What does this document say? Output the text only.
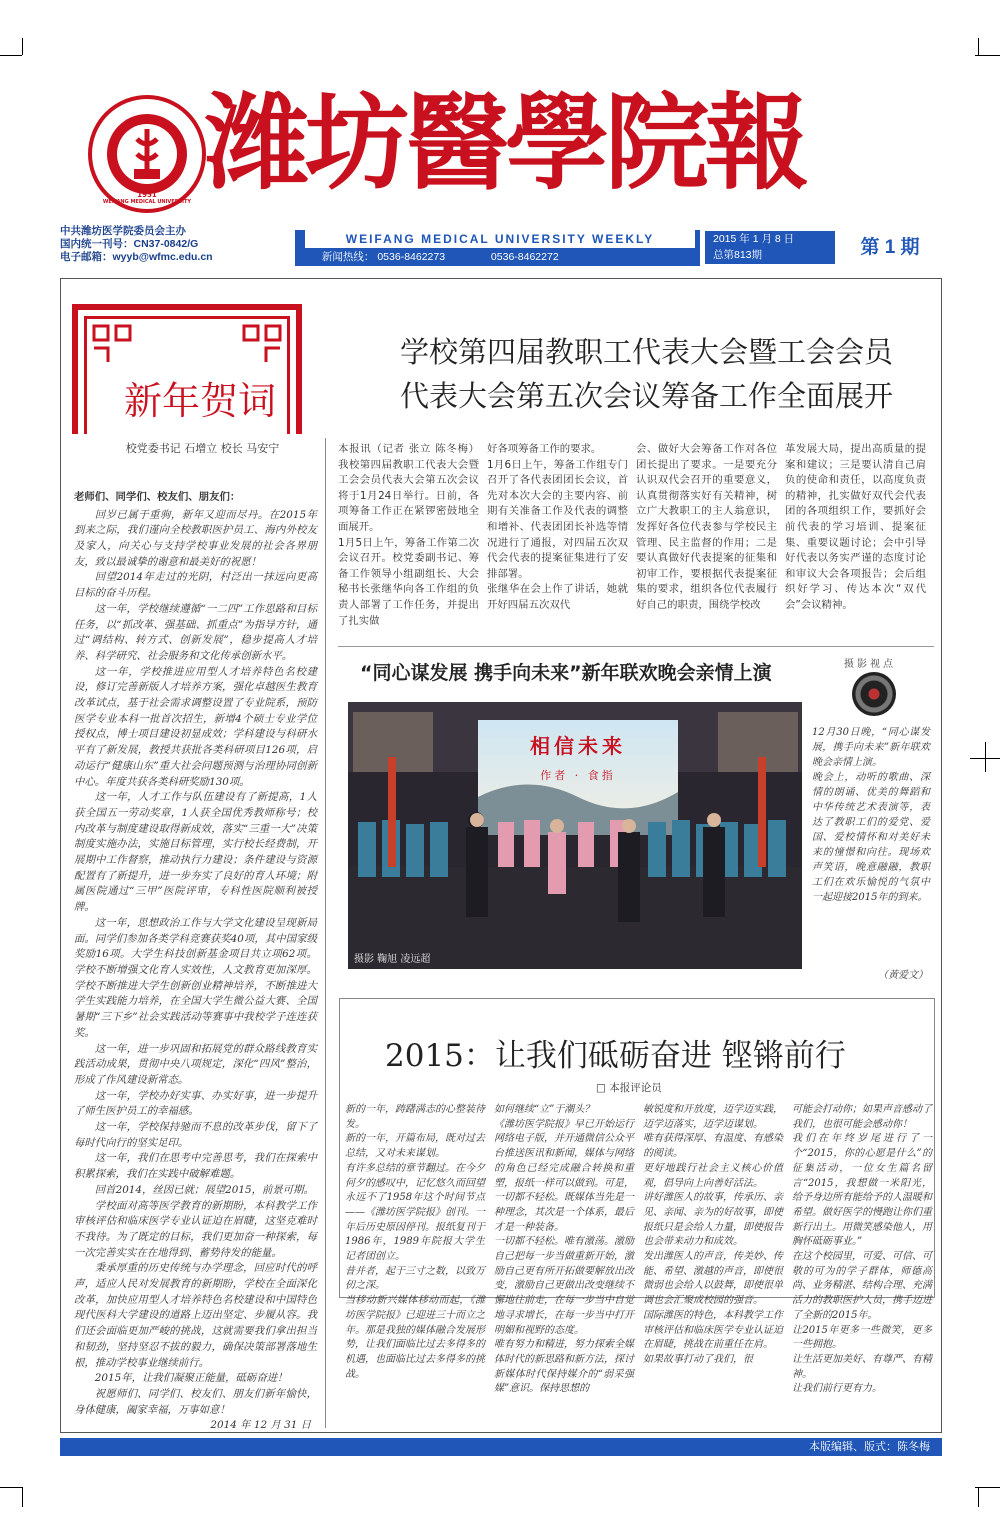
1951
WEIFANG MEDICAL UNIVERSITY 潍坊醫學院報
中共潍坊医学院委员会主办
国内统一刊号：CN37-0842/G
电子邮箱：wyyb@wfmc.edu.cn
WEIFANG MEDICAL UNIVERSITY WEEKLY
新闻热线： 0536-8462273	0536-8462272
2015 年 1 月 8 日
总第813期	第 1 期
新年贺词
校党委书记 石增立 校长 马安宁
老师们、同学们、校友们、朋友们：
回岁已属于重驹，新年又迎而尽丹。在2015年到来之际，我们谨向全校教职医护员工、海内外校友及家人，向关心与支持学校事业发展的社会各界朋友，致以最诚挚的谢意和最美好的祝愿！
回望2014年走过的光阴，村泛出一抹远向更高目标的奋斗历程。
这一年，学校继续遵循“一二四”工作思路和目标任务，以“抓改革、强基础、抓重点”为指导方针，通过“调结构、转方式、创新发展”，稳步提高人才培养、科学研究、社会服务和文化传承创新水平。
这一年，学校推进应用型人才培养特色名校建设，修订完善新版人才培养方案，强化卓越医生教育改革试点，基于社会需求调整设置了专业院系，预防医学专业本科一批首次招生，新增4个硕士专业学位授权点，博士项目建设初显成效；学科建设与科研水平有了新发展，教授共获批各类科研项目126项，启动运行“健康山东”重大社会问题预测与治理协同创新中心。年度共获各类科研奖励130项。
这一年，人才工作与队伍建设有了新提高，1人获全国五一劳动奖章，1人获全国优秀教师称号；校内改革与制度建设取得新成效，落实“三重一大”决策制度实施办法，实施目标管理，实行校长经费制，开展期中工作督察，推动执行力建设；条件建设与资源配置有了新提升，进一步夯实了良好的育人环境；附属医院通过“三甲”医院评审，专科性医院顺利被授牌。
这一年，思想政治工作与大学文化建设呈现新局面。同学们参加各类学科竞赛获奖40项，其中国家级奖励16项。大学生科技创新基金项目共立项62项。学校不断增强文化育人实效性，人文教育更加深厚。学校不断推进大学生创新创业精神培养，不断推进大学生实践能力培养，在全国大学生微公益大赛、全国暑期“三下乡”社会实践活动等赛事中我校学子连连获奖。
这一年，进一步巩固和拓展党的群众路线教育实践活动成果，贯彻中央八项规定，深化“四风”整治，形成了作风建设新常态。
这一年，学校办好实事、办实好事，进一步提升了师生医护员工的幸福感。
这一年，学校保持驰而不息的改革步伐，留下了每时代向行的坚实足印。
这一年，我们在思考中完善思考，我们在探索中积累探索，我们在实践中破解难题。
回首2014，丝因已就；展望2015，前景可期。
学校面对高等医学教育的新期盼，本科教学工作审核评估和临床医学专业认证迫在眉睫，这坚克难时不我待。为了既定的目标，我们更加奋一种探索，每一次完善实实在在地得到、蓄势待发的能量。
秉承厚重的历史传统与办学理念，回应时代的呼声，适应人民对发展教育的新期盼，学校在全面深化改革，加快应用型人才培养特色名校建设和中国特色现代医科大学建设的道路上迈出坚定、步履从容。我们还会面临更加严峻的挑战，这就需要我们拿出担当和韧劲，坚持坚忍不拔的毅力，确保决策部署落地生根，推动学校事业继续前行。
2015年，让我们凝聚正能量，砥砺奋进！
祝愿师们、同学们、校友们、朋友们新年愉快，身体健康，阖家幸福，万事如意！
2014 年 12 月 31 日
学校第四届教职工代表大会暨工会会员
代表大会第五次会议筹备工作全面展开
本报讯（记者 张立 陈冬梅）我校第四届教职工代表大会暨工会会员代表大会第五次会议将于1月24日举行。日前，各项筹备工作正在紧锣密鼓地全面展开。
1月5日上午，筹备工作第二次会议召开。校党委副书记、筹备工作领导小组副组长、大会秘书长张继华向各工作组的负责人部署了工作任务，并提出了扎实做
好各项筹备工作的要求。
1月6日上午，筹备工作组专门召开了各代表团团长会议，首先对本次大会的主要内容、前期有关准备工作及代表的调整和增补、代表团团长补选等情况进行了通报，对四届五次双代会代表的提案征集进行了安排部署。
张继华在会上作了讲话，她就开好四届五次双代
会、做好大会筹备工作对各位团长提出了要求。一是要充分认识双代会召开的重要意义，认真贯彻落实好有关精神，树立广大教职工的主人翁意识，发挥好各位代表参与学校民主管理、民主监督的作用；二是要认真做好代表提案的征集和初审工作，要根据代表提案征集的要求，组织各位代表履行好自己的职责，围绕学校改
革发展大局，提出高质量的提案和建议；三是要认清自己肩负的使命和责任，以高度负责的精神，扎实做好双代会代表团的各项组织工作，要抓好会前代表的学习培训、提案征集、重要议题讨论；会中引导好代表以务实严谨的态度讨论和审议大会各项报告；会后组织好学习、传达本次“双代会”会议精神。
“同心谋发展 携手向未来”新年联欢晚会亲情上演	摄影视点
相信未来
作者 · 食指
摄影 鞠旭 凌远超
12月30日晚，“同心谋发展，携手向未来”新年联欢晚会亲情上演。
晚会上，动听的歌曲、深情的朗诵、优美的舞蹈和中华传统艺术表演等，表达了教职工们的爱党、爱国、爱校情怀和对美好未来的憧憬和向往。现场欢声笑语，晚意融融，教职工们在欢乐愉悦的气氛中一起迎接2015年的到来。
（黄爱文）
2015：让我们砥砺奋进 铿锵前行
□ 本报评论员
新的一年，踌躇满志的心整装待发。
新的一年，开篇布局，既对过去总结，又对未来谋划。
有许多总结的章节翻过。在今夕何夕的感叹中，记忆悠久而回望永远不了1958年这个时间节点——《潍坊医学院报》创刊。一年后历史原因停刊。报纸复刊于1986年，1989年院报大学生记者团创立。
昔并者，起于三寸之数，以致万仞之深。
当移动新兴媒体移动而起，《潍坊医学院报》已迎进三十而立之年。那是我独的媒体融合发展形势，让我们面临比过去多得多的机遇，也面临比过去多得多的挑战。
如何继续“立”于潮头？
《潍坊医学院报》早已开始运行网络电子版，并开通微信公众平台推送医讯和新闻，媒体与网络的角色已经完成融合转换和重塑，报纸一样可以做到。可是，一切都不轻松。既媒体当先是一种理念，其次是一个体系，最后才是一种装备。
一切都不轻松。唯有激荡。激励自己把每一步当做重新开始，激励自己更有所开拓做要解放出改变，激励自己更做出改变继续不懈地往前走，在每一步当中自觉地寻求增长，在每一步当中打开明媚和视野的态度。
唯有努力和精进，努力探索全媒体时代的新思路和新方法，探讨新媒体时代保持媒介的“弱采强媒”意识。保持思想的
敏锐度和开放度，迈学迈实践，迈学迈落实，迈学迈谋划。
唯有获得深厚、有温度、有感染的阅读。
更好地践行社会主义核心价值观，倡导向上向善好活法。
讲好潍医人的故事，传承历、亲见、亲闻、亲为的好故事，即使报纸只是会给人力量，即使报告也会带来动力和成效。
发出潍医人的声音，传美妙、传能、希望、激越的声音，即使很微弱也会给人以鼓舞，即使很单调也会汇聚成校园的强音。
国际潍医的特色，本科教学工作审核评估和临床医学专业认证迫在眉睫，挑战在前重任在肩。
如果故事打动了我们，很
可能会打动你；如果声音感动了我们，也很可能会感动你！
我们在年终岁尾进行了一个“2015，你的心愿是什么”的征集活动，一位女生篇名留言“2015，我想做一米阳光，给予身边所有能给予的人温暖和希望。做好医学的慢跑让你们重新行出土。用微笑感染他人，用胸怀砥砺事业。”
在这个校园里，可爱、可信、可敬的可为的学子群体，师德高尚、业务精湛、结构合理、充满活力的教职医护人员，携手迈进了全新的2015年。
让2015年更多一些微笑，更多一些拥抱。
让生活更加美好、有尊严、有精神。
让我们前行更有力。
本版编辑、版式：陈冬梅
